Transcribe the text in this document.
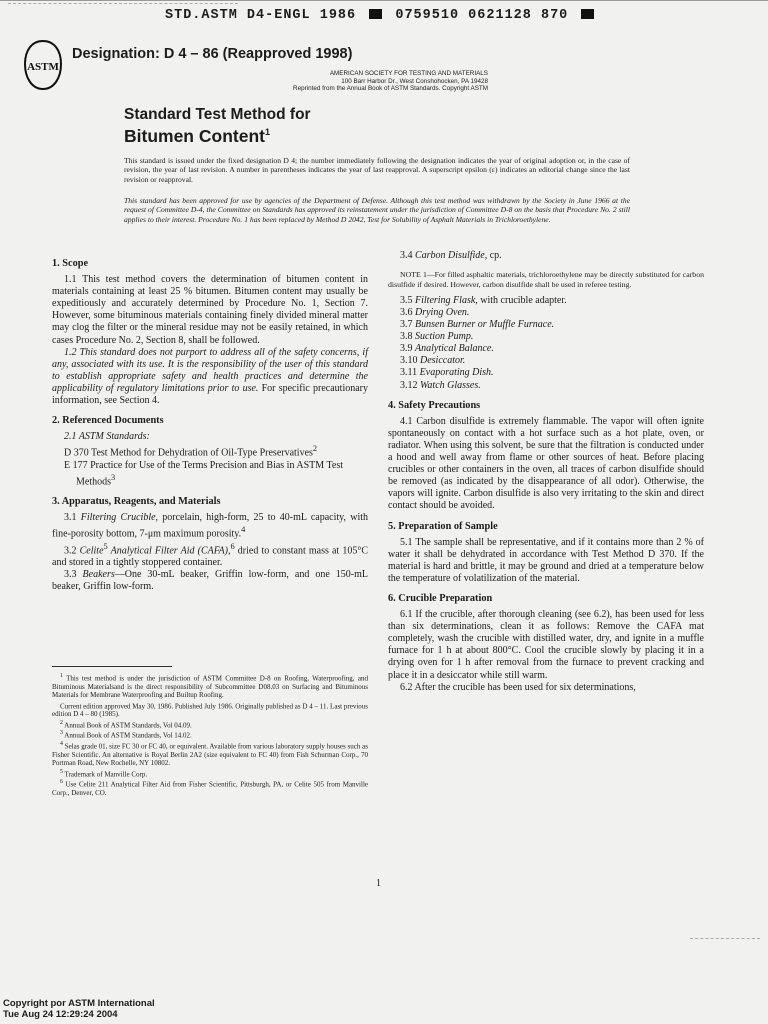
STD.ASTM D4-ENGL 1986	0759510 0621128 870
ASTM
Designation: D 4 – 86 (Reapproved 1998)
AMERICAN SOCIETY FOR TESTING AND MATERIALS
100 Barr Harbor Dr., West Conshohocken, PA 19428
Reprinted from the Annual Book of ASTM Standards. Copyright ASTM
Standard Test Method for
Bitumen Content$^1$
This standard is issued under the fixed designation D 4; the number immediately following the designation indicates the year of original adoption or, in the case of revision, the year of last revision. A number in parentheses indicates the year of last reapproval. A superscript epsilon (ε) indicates an editorial change since the last revision or reapproval.
This standard has been approved for use by agencies of the Department of Defense. Although this test method was withdrawn by the Society in June 1966 at the request of Committee D-4, the Committee on Standards has approved its reinstatement under the jurisdiction of Committee D-8 on the basis that Procedure No. 2 still applies to their interest. Procedure No. 1 has been replaced by Method D 2042, Test for Solubility of Asphalt Materials in Trichloroethylene.

1. Scope

1.1 This test method covers the determination of bitumen content in materials containing at least 25 % bitumen. Bitumen content may usually be expeditiously and accurately determined by Procedure No. 1, Section 7. However, some bituminous materials containing finely divided mineral matter may clog the filter or the mineral residue may not be easily retained, in which cases Procedure No. 2, Section 8, shall be followed.

1.2 This standard does not purport to address all of the safety concerns, if any, associated with its use. It is the responsibility of the user of this standard to establish appropriate safety and health practices and determine the applicability of regulatory limitations prior to use. For specific precautionary information, see Section 4.

2. Referenced Documents

2.1 ASTM Standards:

D 370 Test Method for Dehydration of Oil-Type Preservatives$^2$

E 177 Practice for Use of the Terms Precision and Bias in ASTM Test Methods$^3$

3. Apparatus, Reagents, and Materials

3.1 Filtering Crucible, porcelain, high-form, 25 to 40-mL capacity, with fine-porosity bottom, 7-μm maximum porosity.$^4$

3.2 Celite$^5$ Analytical Filter Aid (CAFA),$^6$ dried to constant mass at 105°C and stored in a tightly stoppered container.

3.3 Beakers—One 30-mL beaker, Griffin low-form, and one 150-mL beaker, Griffin low-form.

$^1$ This test method is under the jurisdiction of ASTM Committee D-8 on Roofing, Waterproofing, and Bituminous Materialsand is the direct responsibility of Subcommittee D08.03 on Surfacing and Bituminous Materials for Membrane Waterproofing and Builtup Roofing.

Current edition approved May 30, 1986. Published July 1986. Originally published as D 4 – 11. Last previous edition D 4 – 80 (1985).

$^2$ Annual Book of ASTM Standards, Vol 04.09.

$^3$ Annual Book of ASTM Standards, Vol 14.02.

$^4$ Selas grade 01, size FC 30 or FC 40, or equivalent. Available from various laboratory supply houses such as Fisher Scientific. An alternative is Royal Berlin 2A2 (size equivalent to FC 40) from Fish Schurman Corp., 70 Portman Road, New Rochelle, NY 10802.

$^5$ Trademark of Manville Corp.

$^6$ Use Celite 211 Analytical Filter Aid from Fisher Scientific, Pittsburgh, PA, or Celite 505 from Manville Corp., Denver, CO.

3.4 Carbon Disulfide, cp.

NOTE 1—For filled asphaltic materials, trichloroethylene may be directly substituted for carbon disulfide if desired. However, carbon disulfide shall be used in referee testing.

3.5 Filtering Flask, with crucible adapter.

3.6 Drying Oven.

3.7 Bunsen Burner or Muffle Furnace.

3.8 Suction Pump.

3.9 Analytical Balance.

3.10 Desiccator.

3.11 Evaporating Dish.

3.12 Watch Glasses.

4. Safety Precautions

4.1 Carbon disulfide is extremely flammable. The vapor will often ignite spontaneously on contact with a hot surface such as a hot plate, oven, or radiator. When using this solvent, be sure that the filtration is conducted under a hood and well away from flame or other sources of heat. Before placing crucibles or other containers in the oven, all traces of carbon disulfide should be removed (as indicated by the disappearance of all odor). Otherwise, the vapors will ignite. Carbon disulfide is also very irritating to the skin and direct contact should be avoided.

5. Preparation of Sample

5.1 The sample shall be representative, and if it contains more than 2 % of water it shall be dehydrated in accordance with Test Method D 370. If the material is hard and brittle, it may be ground and dried at a temperature below the temperature of volatilization of the material.

6. Crucible Preparation

6.1 If the crucible, after thorough cleaning (see 6.2), has been used for less than six determinations, clean it as follows: Remove the CAFA mat completely, wash the crucible with distilled water, dry, and ignite in a muffle furnace for 1 h at about 800°C. Cool the crucible slowly by placing it in a drying oven for 1 h after removal from the furnace to prevent cracking and place it in a desiccator while still warm.

6.2 After the crucible has been used for six determinations,

1
Copyright por ASTM International
Tue Aug 24 12:29:24 2004
